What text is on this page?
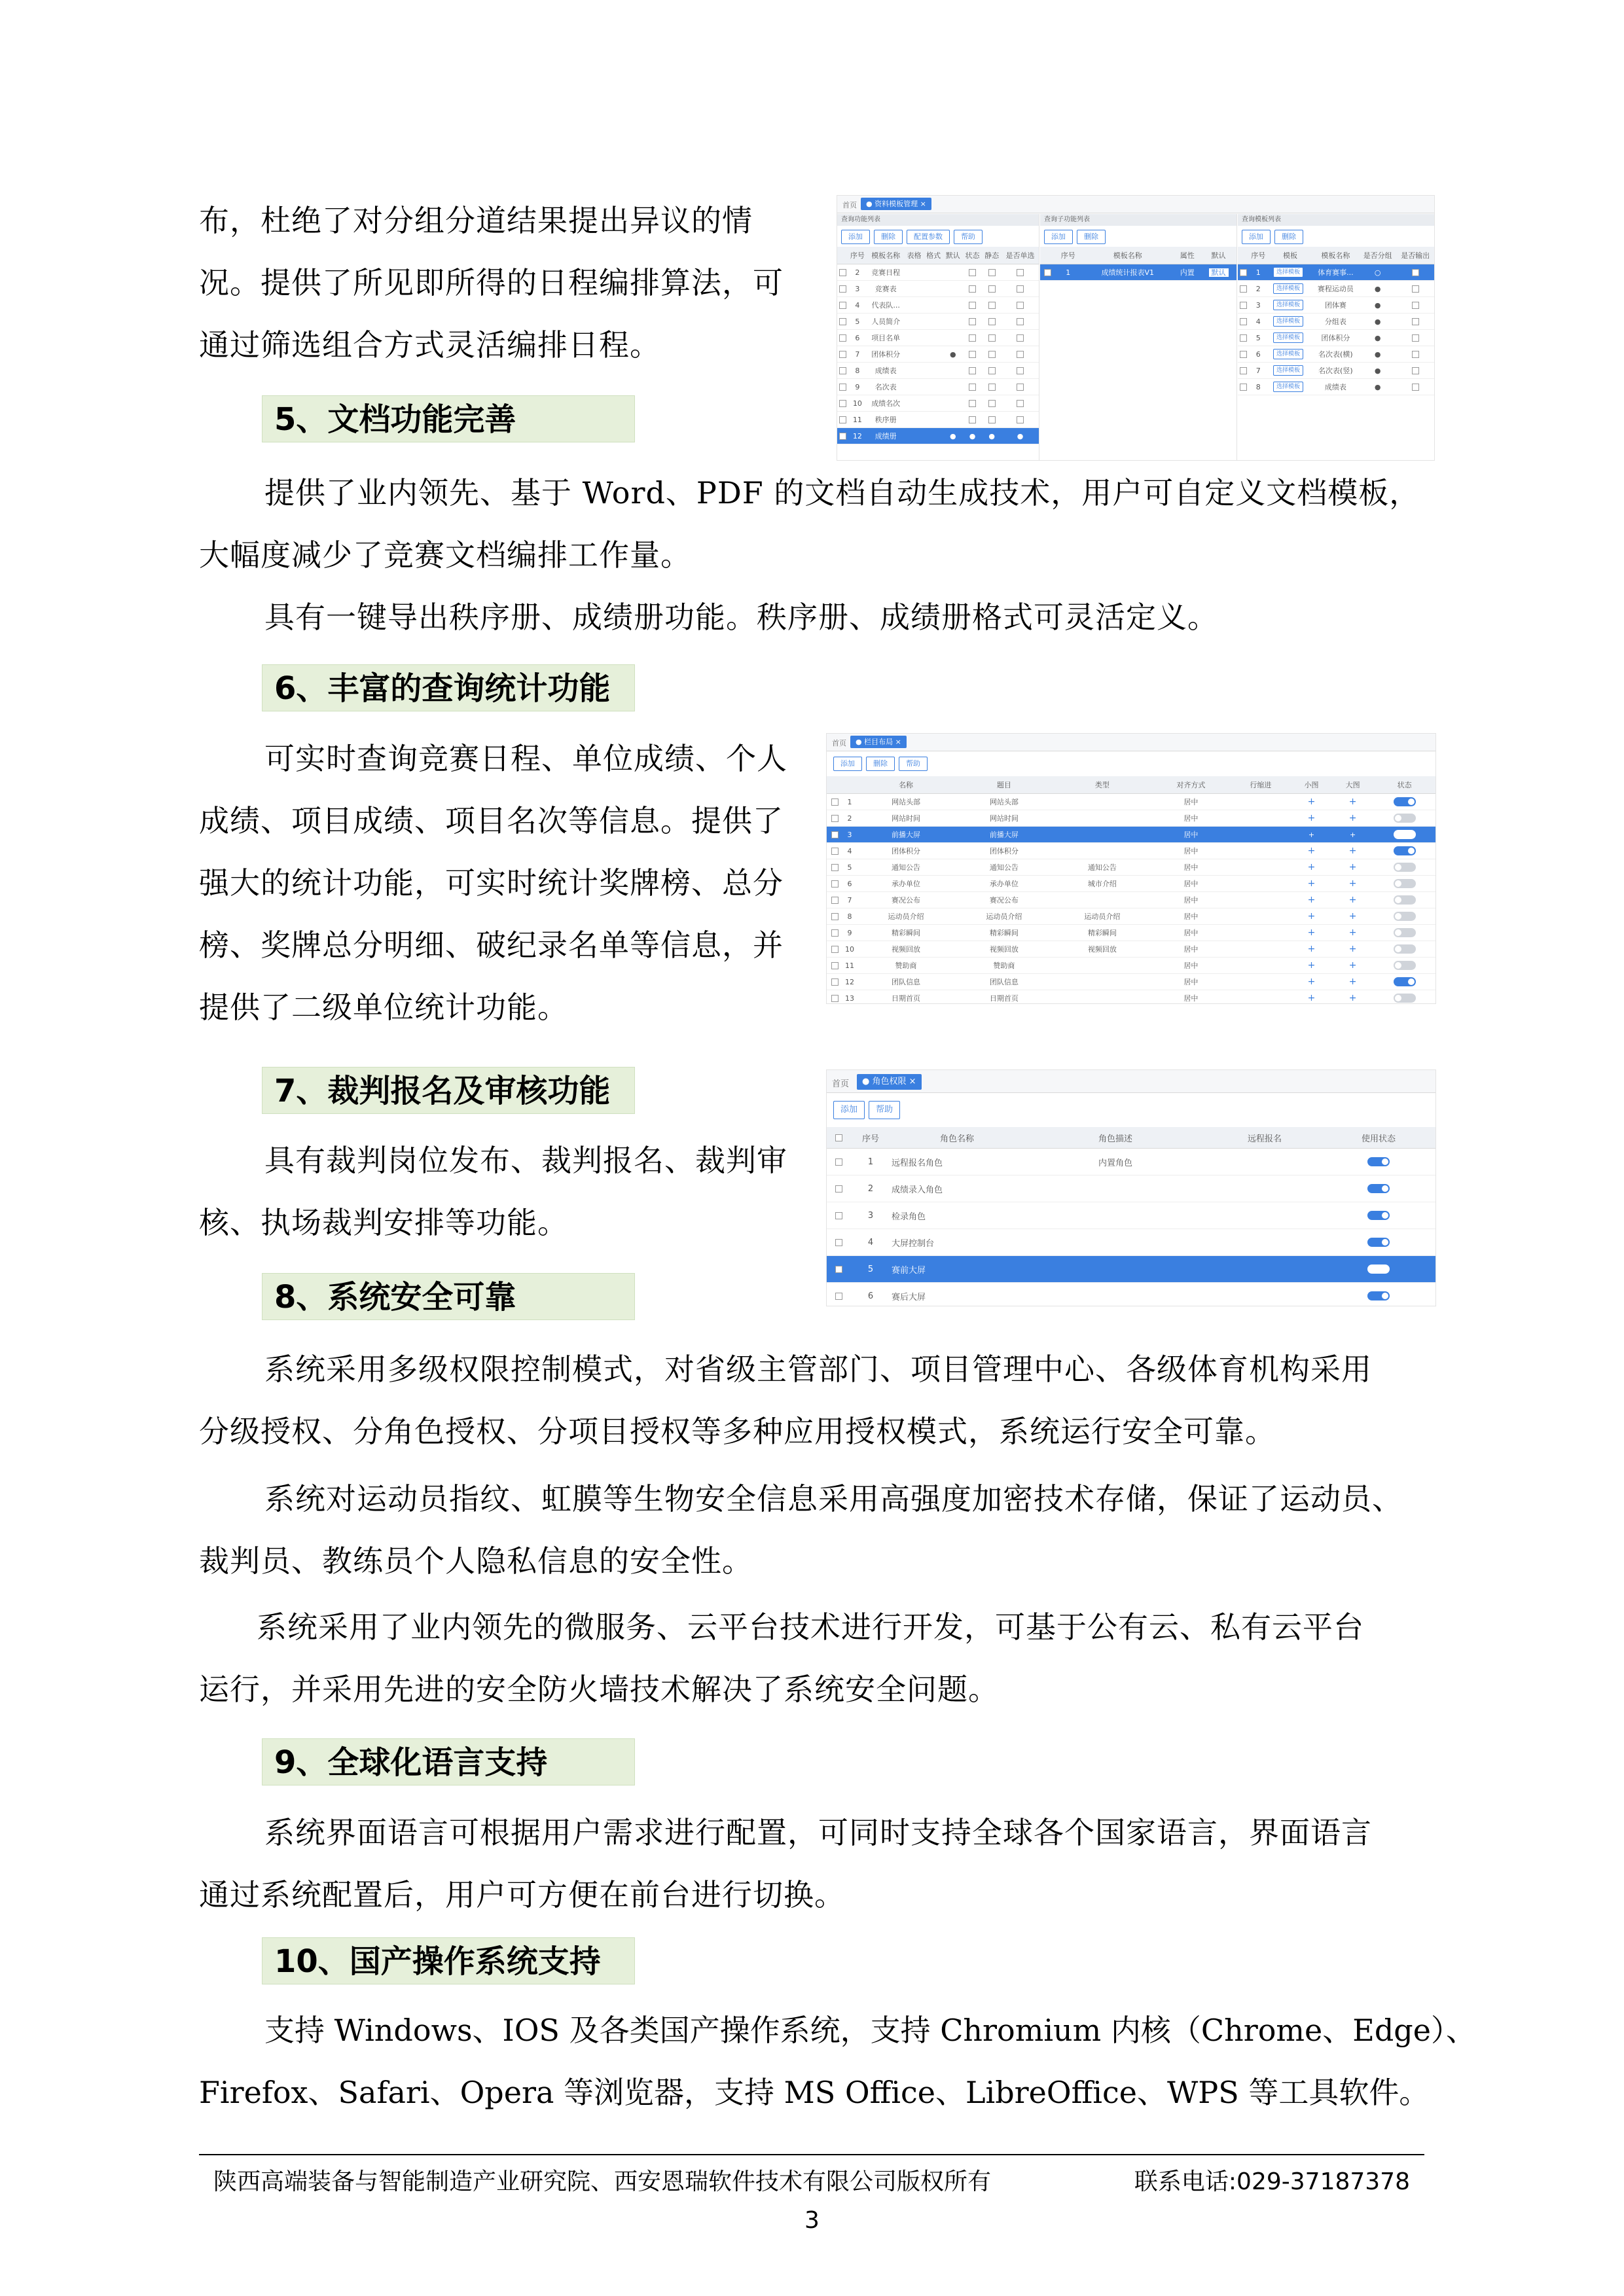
布，杜绝了对分组分道结果提出异议的情

况。提供了所见即所得的日程编排算法，可

通过筛选组合方式灵活编排日程。

首页	● 资料模板管理 ×
查询功能列表
添加	删除	配置参数	帮助
	序号	模板名称	表格	格式	默认	状态	静态	是否单选
	2	竞赛日程						
	3	竞赛表						
	4	代表队...						
	5	人员简介						
	6	项目名单						
	7	团体积分			●			
	8	成绩表						
	9	名次表						
	10	成绩名次						
	11	秩序册						
	12	成绩册			●	●	●	●
查询子功能列表
添加	删除
	序号	模板名称	属性	默认
	1	成绩统计报表V1	内置	默认
查询模板列表
添加	删除
	序号	模板	模板名称	是否分组	是否输出
	1	选择模板	体育赛事...	○	
	2	选择模板	赛程运动员	●	
	3	选择模板	团体赛	●	
	4	选择模板	分组表	●	
	5	选择模板	团体积分	●	
	6	选择模板	名次表(横)	●	
	7	选择模板	名次表(竖)	●	
	8	选择模板	成绩表	●	
5、文档功能完善

提供了业内领先、基于 Word、PDF 的文档自动生成技术，用户可自定义文档模板，

大幅度减少了竞赛文档编排工作量。

具有一键导出秩序册、成绩册功能。秩序册、成绩册格式可灵活定义。

6、丰富的查询统计功能

可实时查询竞赛日程、单位成绩、个人

成绩、项目成绩、项目名次等信息。提供了

强大的统计功能，可实时统计奖牌榜、总分

榜、奖牌总分明细、破纪录名单等信息，并

提供了二级单位统计功能。

首页	● 栏目布局 ×
添加	删除	帮助
		名称	题目	类型	对齐方式	行缩进	小图	大图	状态
	1	网站头部	网站头部		居中		+	+	
	2	网站时间	网站时间		居中		+	+	
	3	前播大屏	前播大屏		居中		+	+	
	4	团体积分	团体积分		居中		+	+	
	5	通知公告	通知公告	通知公告	居中		+	+	
	6	承办单位	承办单位	城市介绍	居中		+	+	
	7	赛况公布	赛况公布		居中		+	+	
	8	运动员介绍	运动员介绍	运动员介绍	居中		+	+	
	9	精彩瞬间	精彩瞬间	精彩瞬间	居中		+	+	
	10	视频回放	视频回放	视频回放	居中		+	+	
	11	赞助商	赞助商		居中		+	+	
	12	团队信息	团队信息		居中		+	+	
	13	日期首页	日期首页		居中		+	+	
7、裁判报名及审核功能

具有裁判岗位发布、裁判报名、裁判审

核、执场裁判安排等功能。

首页	● 角色权限 ×
添加 帮助
	序号	角色名称	角色描述	远程报名	使用状态
	1	远程报名角色	内置角色		
	2	成绩录入角色			
	3	检录角色			
	4	大屏控制台			
	5	赛前大屏			
	6	赛后大屏			
8、系统安全可靠

系统采用多级权限控制模式，对省级主管部门、项目管理中心、各级体育机构采用

分级授权、分角色授权、分项目授权等多种应用授权模式，系统运行安全可靠。

系统对运动员指纹、虹膜等生物安全信息采用高强度加密技术存储，保证了运动员、

裁判员、教练员个人隐私信息的安全性。

系统采用了业内领先的微服务、云平台技术进行开发，可基于公有云、私有云平台

运行，并采用先进的安全防火墙技术解决了系统安全问题。

9、全球化语言支持

系统界面语言可根据用户需求进行配置，可同时支持全球各个国家语言，界面语言

通过系统配置后，用户可方便在前台进行切换。

10、国产操作系统支持

支持 Windows、IOS 及各类国产操作系统，支持 Chromium 内核（Chrome、Edge）、

Firefox、Safari、Opera 等浏览器，支持 MS Office、LibreOffice、WPS 等工具软件。

陕西高端装备与智能制造产业研究院、西安恩瑞软件技术有限公司版权所有	联系电话:029-37187378
3
